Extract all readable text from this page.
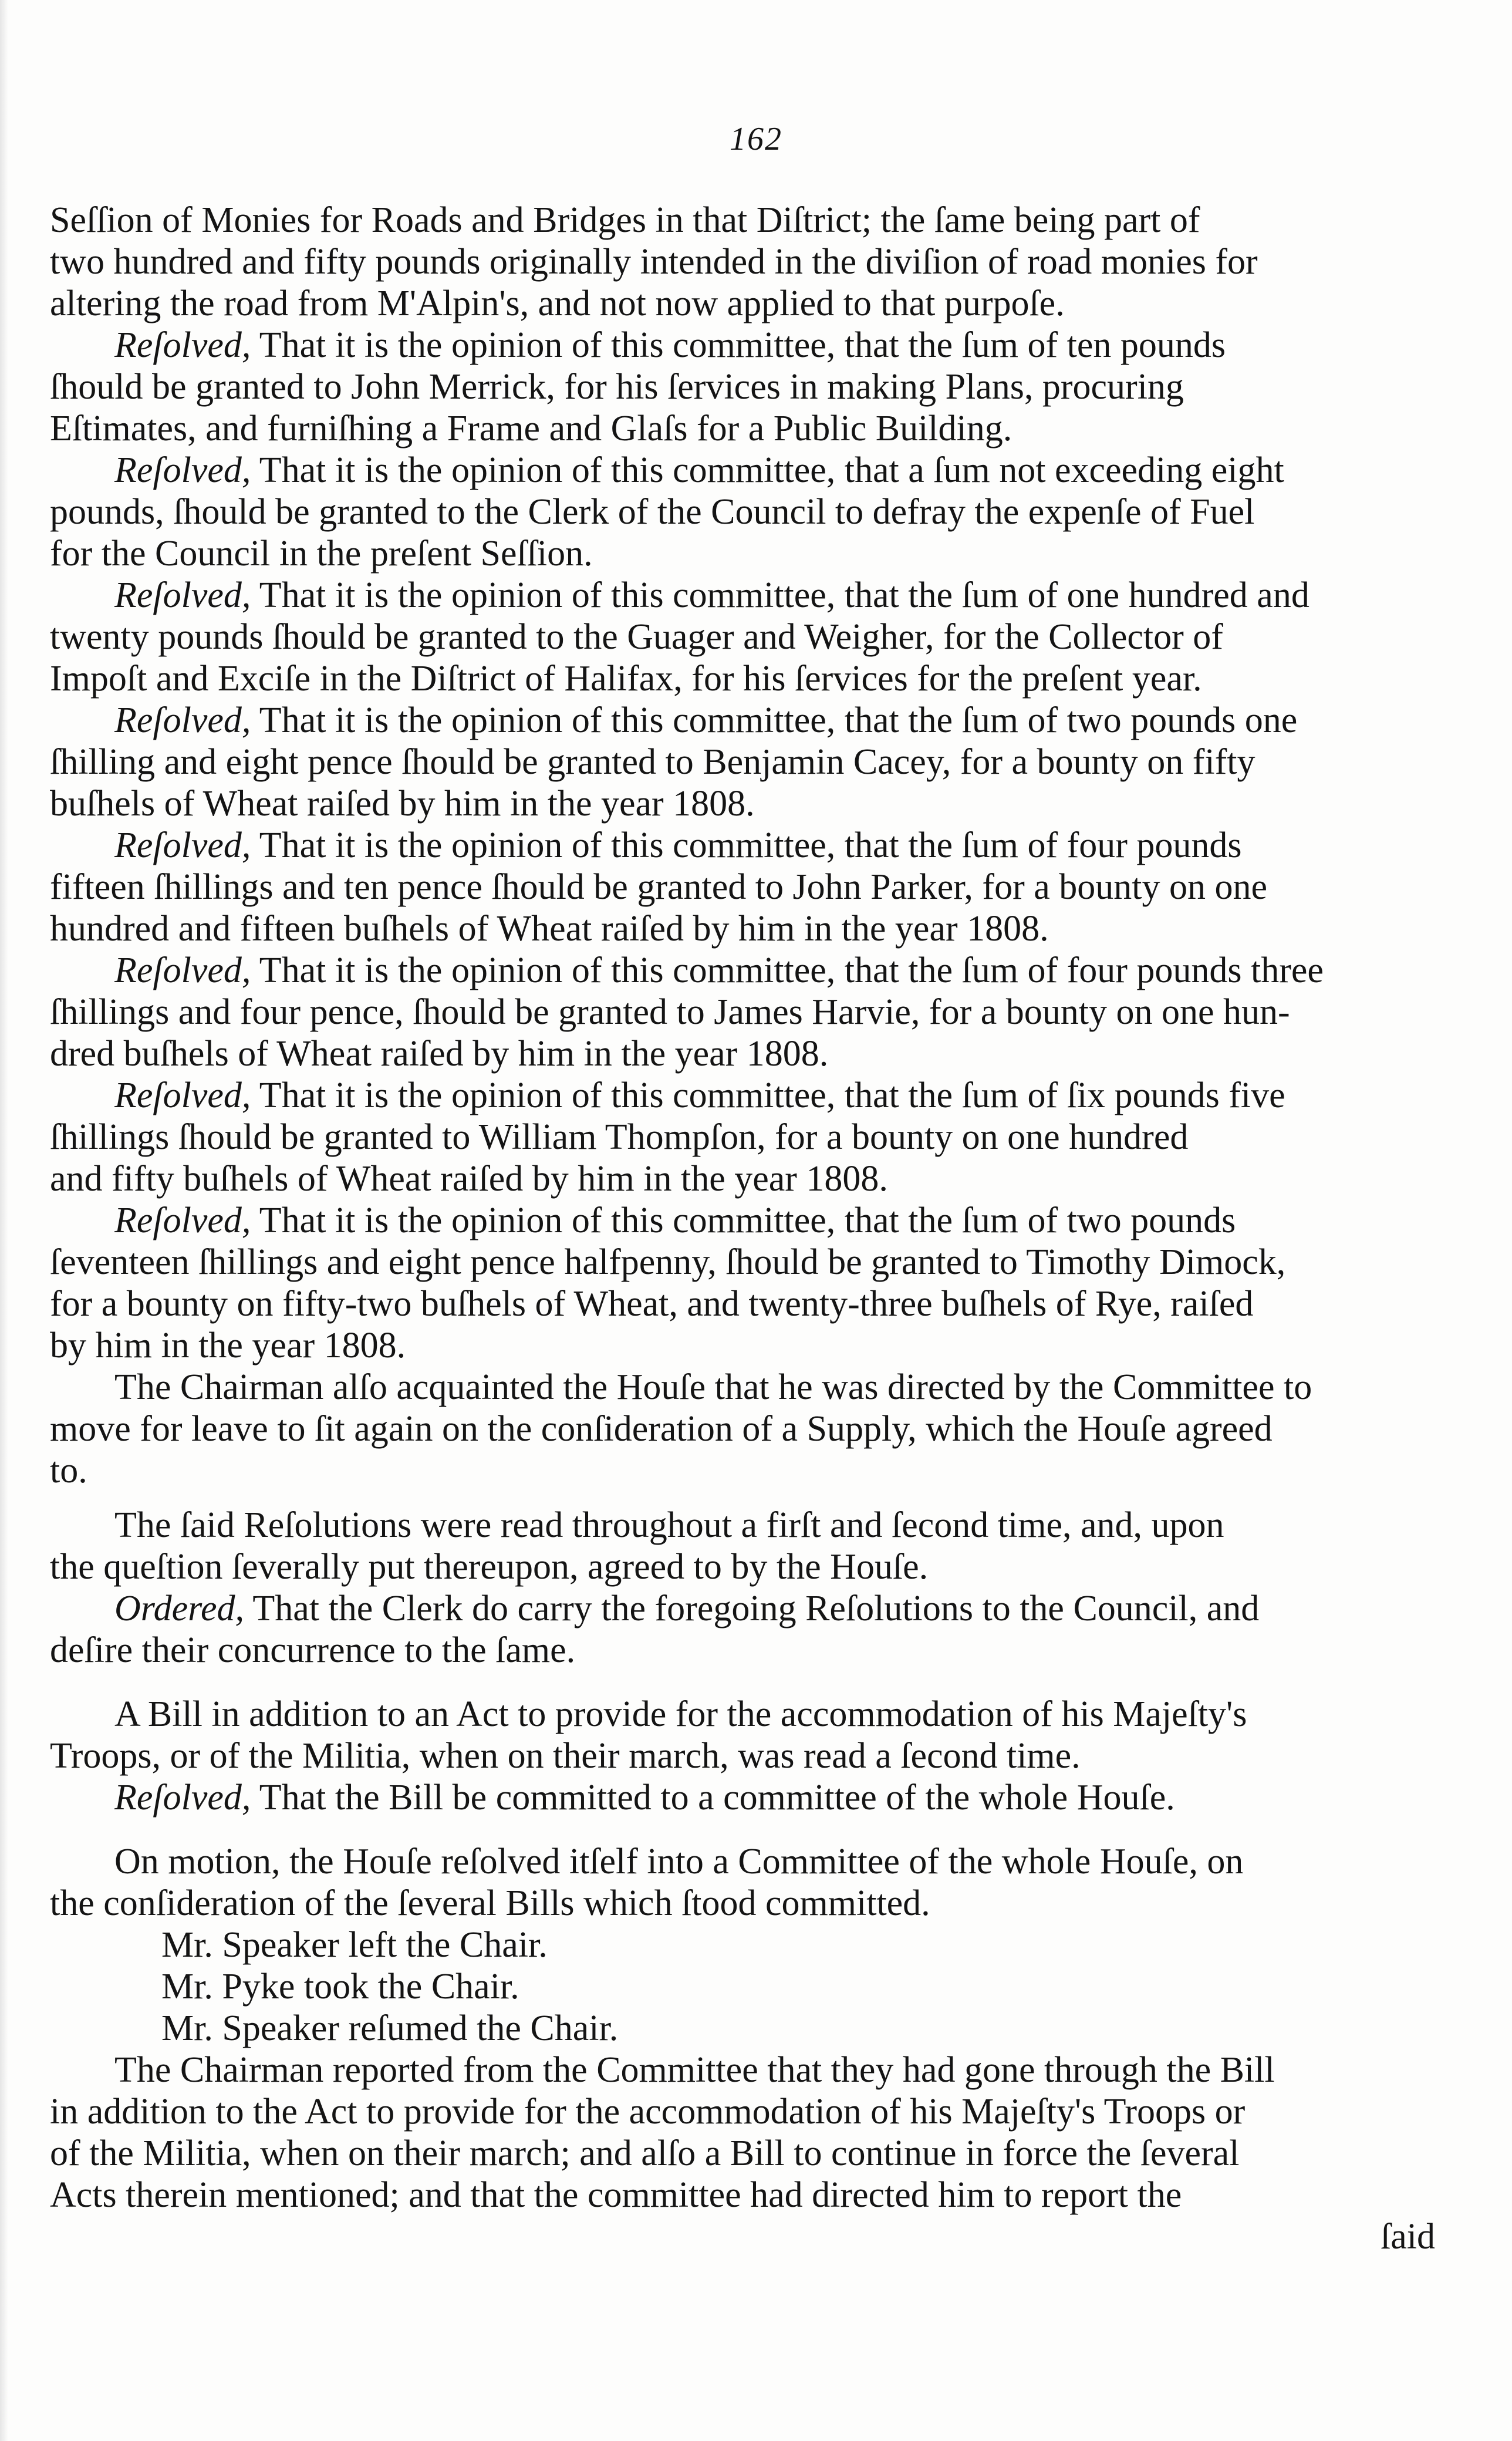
162
Seſſion of Monies for Roads and Bridges in that Diſtrict; the ſame being part of
two hundred and fifty pounds originally intended in the diviſion of road monies for
altering the road from M'Alpin's, and not now applied to that purpoſe.
Reſolved, That it is the opinion of this committee, that the ſum of ten pounds
ſhould be granted to John Merrick, for his ſervices in making Plans, procuring
Eſtimates, and furniſhing a Frame and Glaſs for a Public Building.
Reſolved, That it is the opinion of this committee, that a ſum not exceeding eight
pounds, ſhould be granted to the Clerk of the Council to defray the expenſe of Fuel
for the Council in the preſent Seſſion.
Reſolved, That it is the opinion of this committee, that the ſum of one hundred and
twenty pounds ſhould be granted to the Guager and Weigher, for the Collector of
Impoſt and Exciſe in the Diſtrict of Halifax, for his ſervices for the preſent year.
Reſolved, That it is the opinion of this committee, that the ſum of two pounds one
ſhilling and eight pence ſhould be granted to Benjamin Cacey, for a bounty on fifty
buſhels of Wheat raiſed by him in the year 1808.
Reſolved, That it is the opinion of this committee, that the ſum of four pounds
fifteen ſhillings and ten pence ſhould be granted to John Parker, for a bounty on one
hundred and fifteen buſhels of Wheat raiſed by him in the year 1808.
Reſolved, That it is the opinion of this committee, that the ſum of four pounds three
ſhillings and four pence, ſhould be granted to James Harvie, for a bounty on one hun-
dred buſhels of Wheat raiſed by him in the year 1808.
Reſolved, That it is the opinion of this committee, that the ſum of ſix pounds five
ſhillings ſhould be granted to William Thompſon, for a bounty on one hundred
and fifty buſhels of Wheat raiſed by him in the year 1808.
Reſolved, That it is the opinion of this committee, that the ſum of two pounds
ſeventeen ſhillings and eight pence halfpenny, ſhould be granted to Timothy Dimock,
for a bounty on fifty-two buſhels of Wheat, and twenty-three buſhels of Rye, raiſed
by him in the year 1808.
The Chairman alſo acquainted the Houſe that he was directed by the Committee to
move for leave to ſit again on the conſideration of a Supply, which the Houſe agreed
to.
The ſaid Reſolutions were read throughout a firſt and ſecond time, and, upon
the queſtion ſeverally put thereupon, agreed to by the Houſe.
Ordered, That the Clerk do carry the foregoing Reſolutions to the Council, and
deſire their concurrence to the ſame.
A Bill in addition to an Act to provide for the accommodation of his Majeſty's
Troops, or of the Militia, when on their march, was read a ſecond time.
Reſolved, That the Bill be committed to a committee of the whole Houſe.
On motion, the Houſe reſolved itſelf into a Committee of the whole Houſe, on
the conſideration of the ſeveral Bills which ſtood committed.
Mr. Speaker left the Chair.
Mr. Pyke took the Chair.
Mr. Speaker reſumed the Chair.
The Chairman reported from the Committee that they had gone through the Bill
in addition to the Act to provide for the accommodation of his Majeſty's Troops or
of the Militia, when on their march; and alſo a Bill to continue in force the ſeveral
Acts therein mentioned; and that the committee had directed him to report the
ſaid
